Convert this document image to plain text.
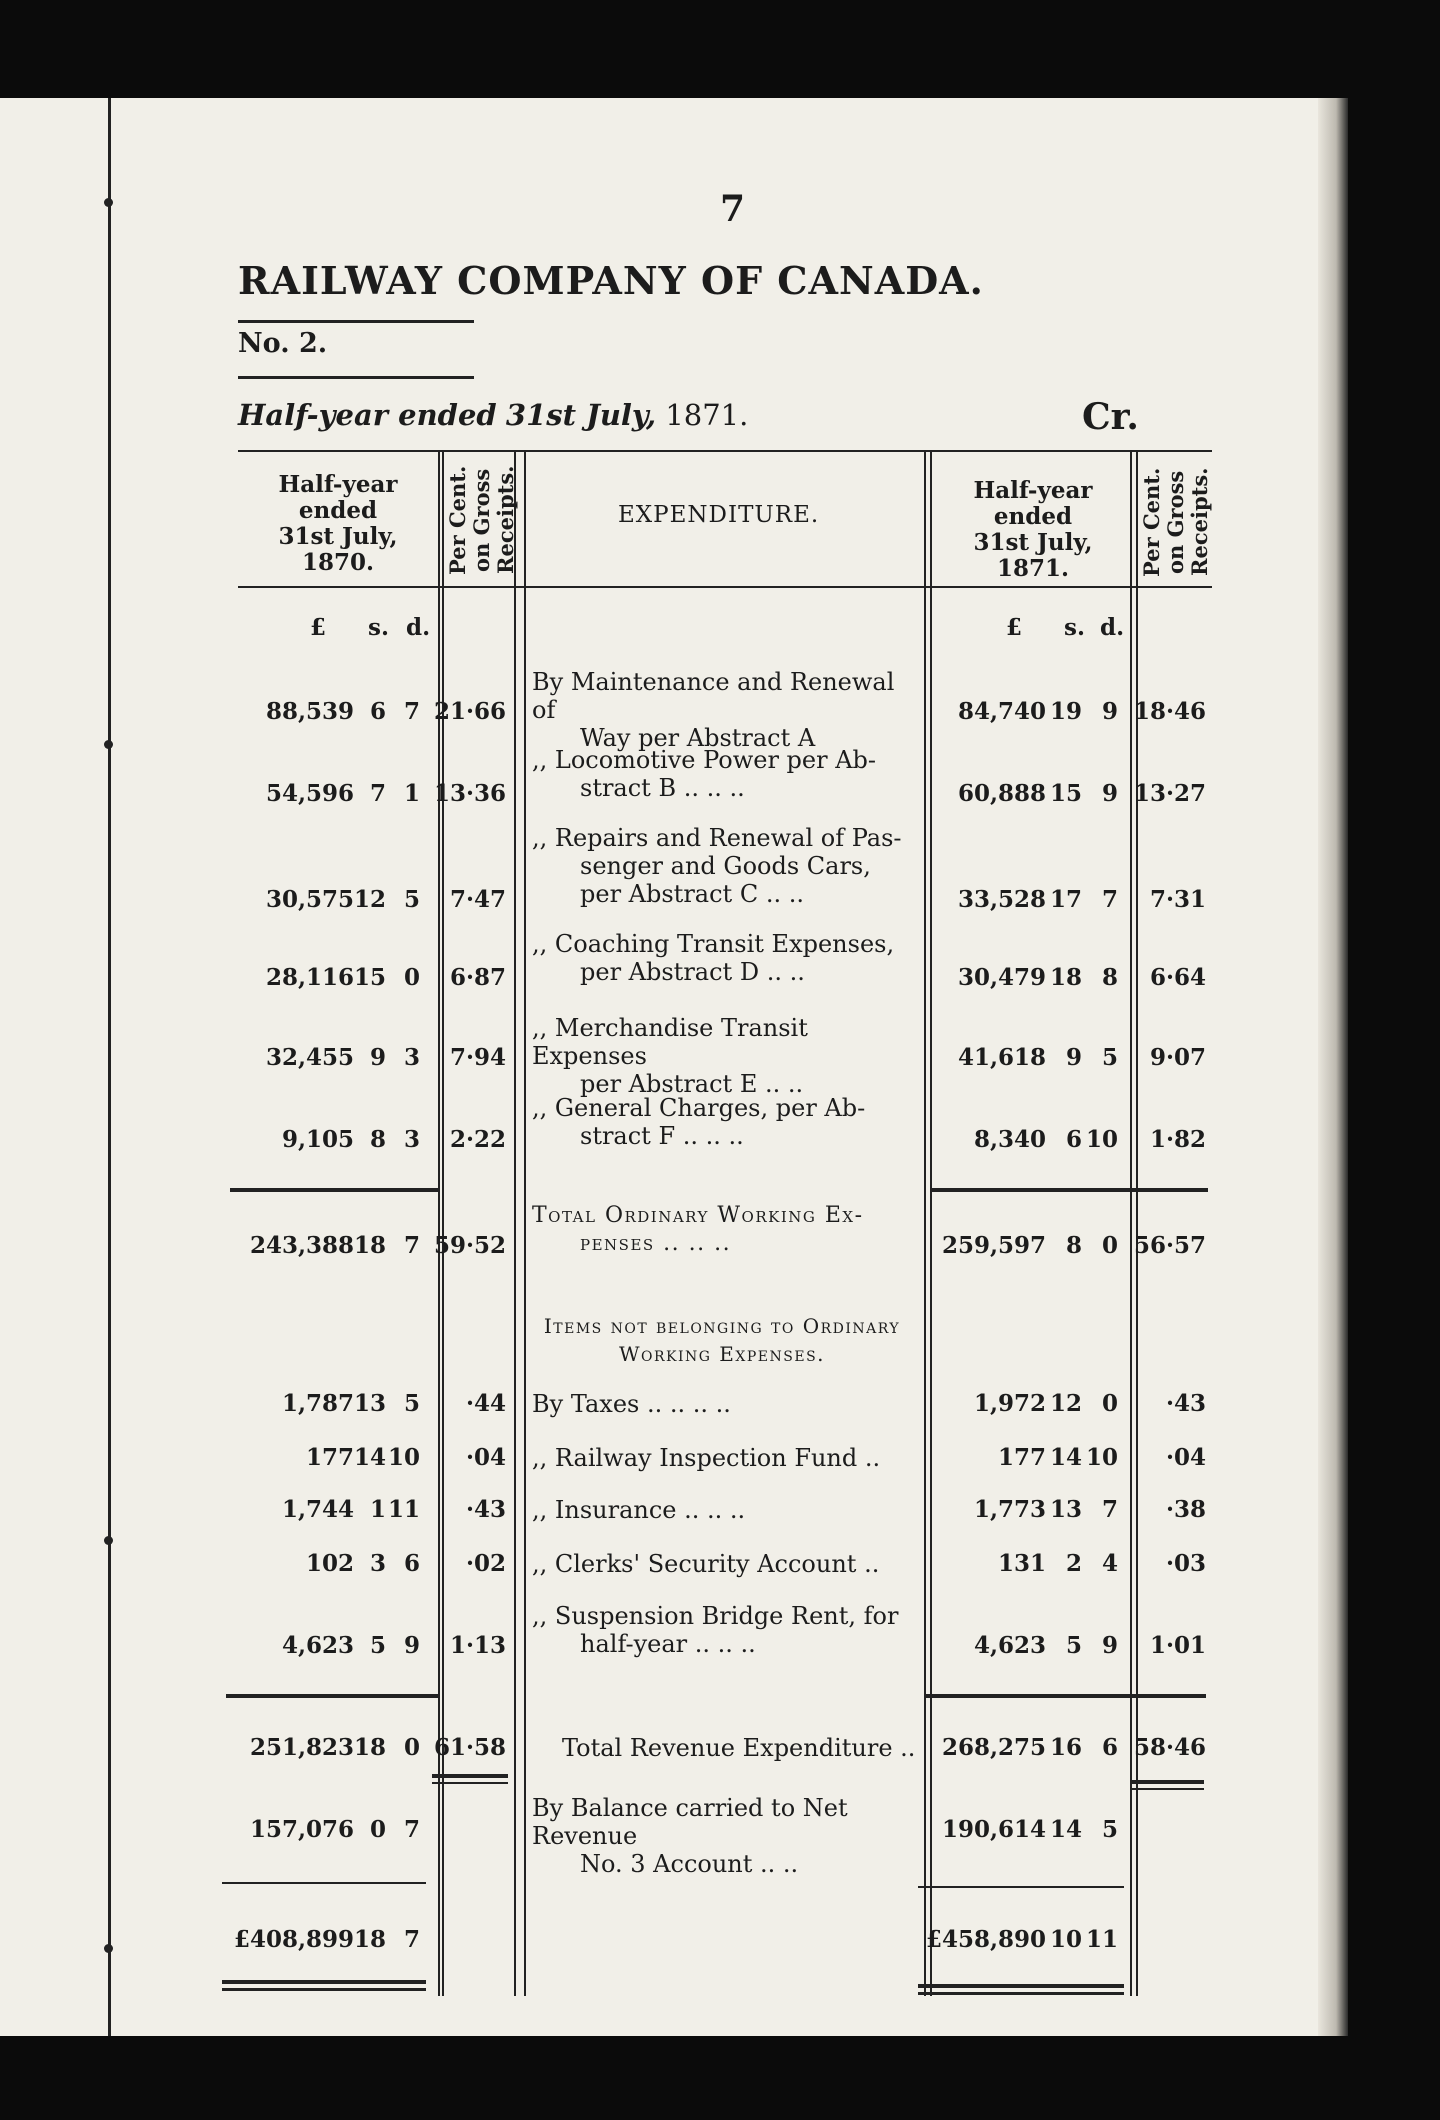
7
RAILWAY COMPANY OF CANADA.
No. 2.
Half-year ended 31st July, 1871.	Cr.
Half-year ended
31st July,
1870.	Per Cent. on Gross Receipts.	EXPENDITURE.
Half-year ended
31st July,
1871.	Per Cent. on Gross Receipts.
£ s. d.	£ s. d.
By Maintenance and Renewal of
Way per Abstract A
88,539 6 7 21·66	84,740 19 9 18·46
,, Locomotive Power per Ab-
stract B .. .. ..
54,596 7 1 13·36	60,888 15 9 13·27
,, Repairs and Renewal of Pas-
senger and Goods Cars,
per Abstract C .. ..
30,575 12 5 7·47	33,528 17 7 7·31
,, Coaching Transit Expenses,
per Abstract D .. ..
28,116 15 0 6·87	30,479 18 8 6·64
,, Merchandise Transit Expenses
per Abstract E .. ..
32,455 9 3 7·94	41,618 9 5 9·07
,, General Charges, per Ab-
stract F .. .. ..
9,105 8 3 2·22	8,340 6 10 1·82
Total Ordinary Working Ex-
penses .. .. ..
243,388 18 7 59·52	259,597 8 0 56·57
Items not belonging to Ordinary
Working Expenses.
By Taxes .. .. .. ..
1,787 13 5 ·44	1,972 12 0 ·43
,, Railway Inspection Fund ..
177 14 10 ·04	177 14 10 ·04
,, Insurance .. .. ..
1,744 1 11 ·43	1,773 13 7 ·38
,, Clerks' Security Account ..
102 3 6 ·02	131 2 4 ·03
,, Suspension Bridge Rent, for
half-year .. .. ..
4,623 5 9 1·13	4,623 5 9 1·01
Total Revenue Expenditure ..
251,823 18 0 61·58	268,275 16 6 58·46
By Balance carried to Net Revenue
No. 3 Account .. ..
157,076 0 7	190,614 14 5
£408,899 18 7	£458,890 10 11
